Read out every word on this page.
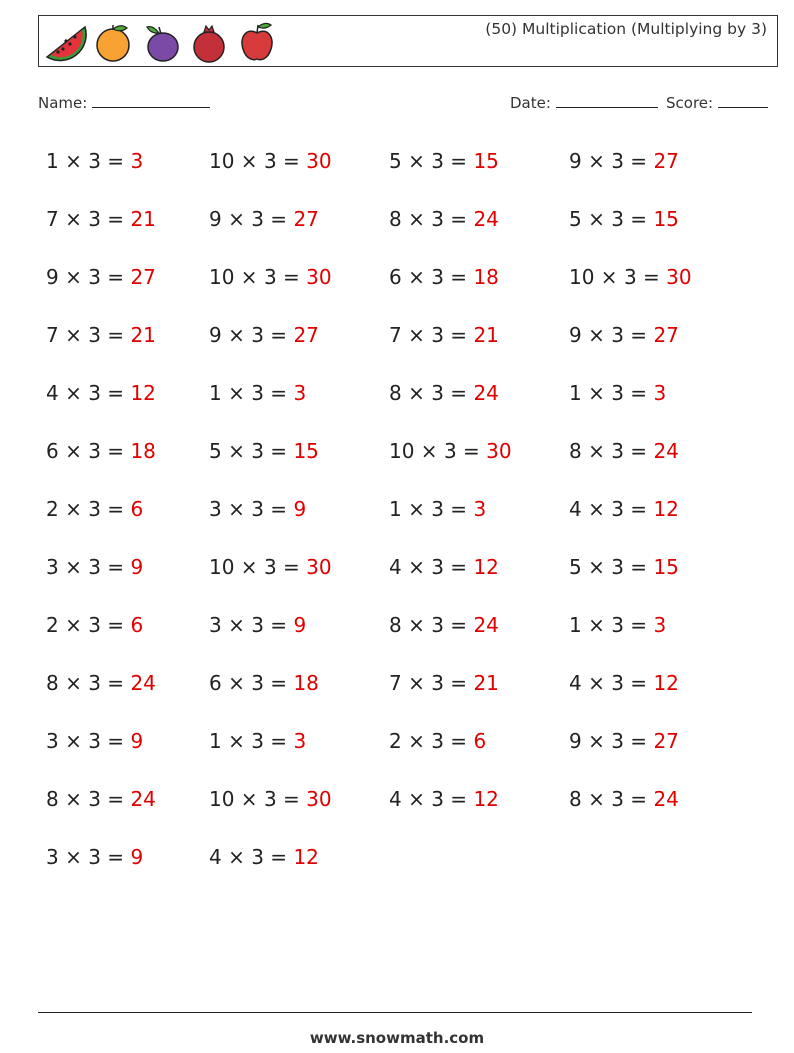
(50) Multiplication (Multiplying by 3)
Name:	Date:	Score:
1 × 3 = 3	10 × 3 = 30	5 × 3 = 15	9 × 3 = 27
7 × 3 = 21	9 × 3 = 27	8 × 3 = 24	5 × 3 = 15
9 × 3 = 27	10 × 3 = 30	6 × 3 = 18	10 × 3 = 30
7 × 3 = 21	9 × 3 = 27	7 × 3 = 21	9 × 3 = 27
4 × 3 = 12	1 × 3 = 3	8 × 3 = 24	1 × 3 = 3
6 × 3 = 18	5 × 3 = 15	10 × 3 = 30	8 × 3 = 24
2 × 3 = 6	3 × 3 = 9	1 × 3 = 3	4 × 3 = 12
3 × 3 = 9	10 × 3 = 30	4 × 3 = 12	5 × 3 = 15
2 × 3 = 6	3 × 3 = 9	8 × 3 = 24	1 × 3 = 3
8 × 3 = 24	6 × 3 = 18	7 × 3 = 21	4 × 3 = 12
3 × 3 = 9	1 × 3 = 3	2 × 3 = 6	9 × 3 = 27
8 × 3 = 24	10 × 3 = 30	4 × 3 = 12	8 × 3 = 24
3 × 3 = 9	4 × 3 = 12
www.snowmath.com
